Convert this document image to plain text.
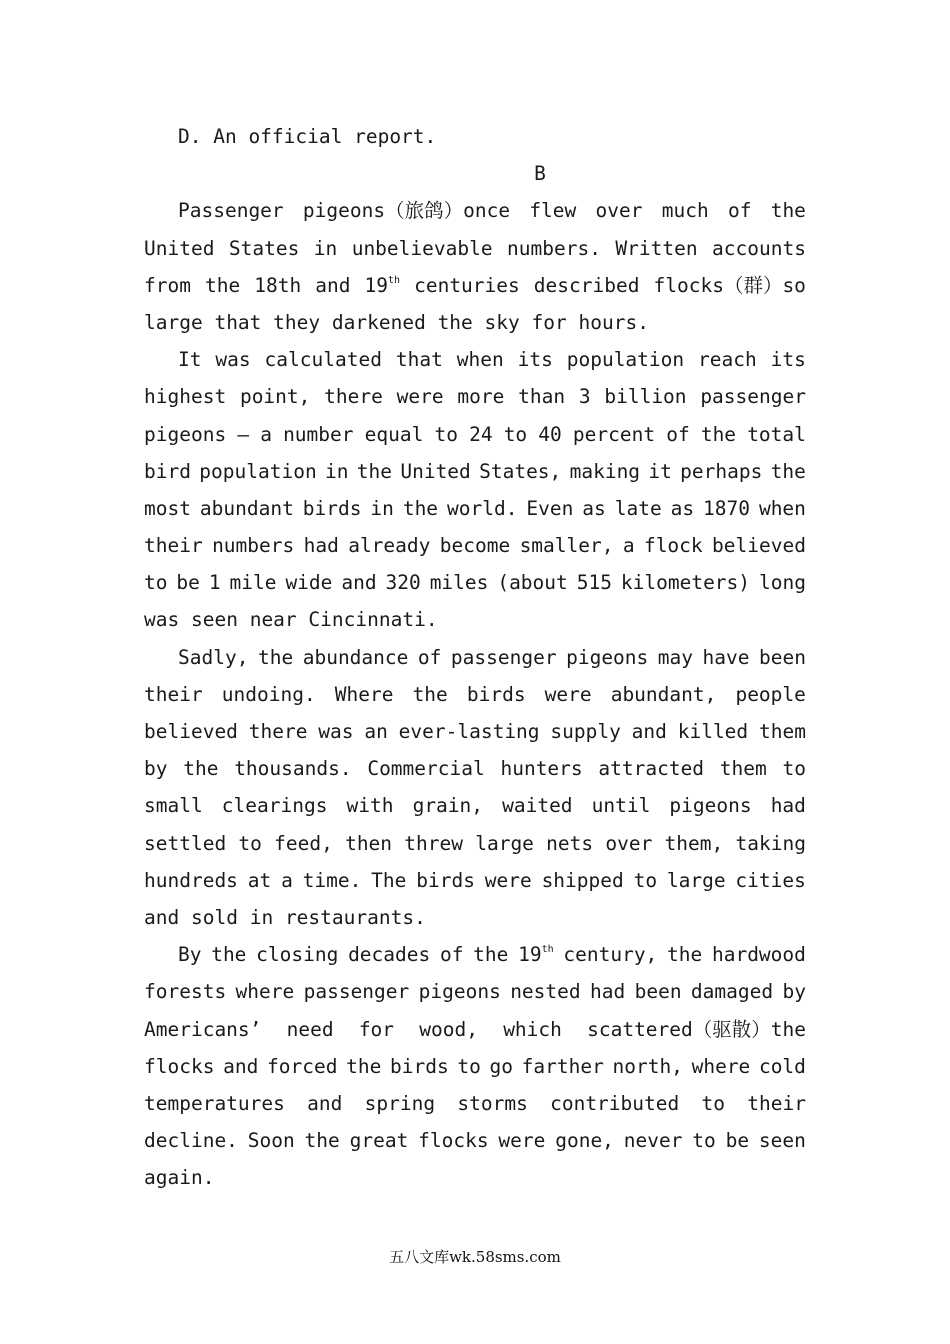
D. An official report.
B
Passenger pigeons（旅鸽）once flew over much of the
United States in unbelievable numbers. Written accounts
from the 18th and 19th centuries described flocks（群）so
large that they darkened the sky for hours.
It was calculated that when its population reach its
highest point, there were more than 3 billion passenger
pigeons – a number equal to 24 to 40 percent of the total
bird population in the United States, making it perhaps the
most abundant birds in the world. Even as late as 1870 when
their numbers had already become smaller, a flock believed
to be 1 mile wide and 320 miles (about 515 kilometers) long
was seen near Cincinnati.
Sadly, the abundance of passenger pigeons may have been
their undoing. Where the birds were abundant, people
believed there was an ever-lasting supply and killed them
by the thousands. Commercial hunters attracted them to
small clearings with grain, waited until pigeons had
settled to feed, then threw large nets over them, taking
hundreds at a time. The birds were shipped to large cities
and sold in restaurants.
By the closing decades of the 19th century, the hardwood
forests where passenger pigeons nested had been damaged by
Americans’ need for wood, which scattered（驱散）the
flocks and forced the birds to go farther north, where cold
temperatures and spring storms contributed to their
decline. Soon the great flocks were gone, never to be seen
again.
五八文库wk.58sms.com
